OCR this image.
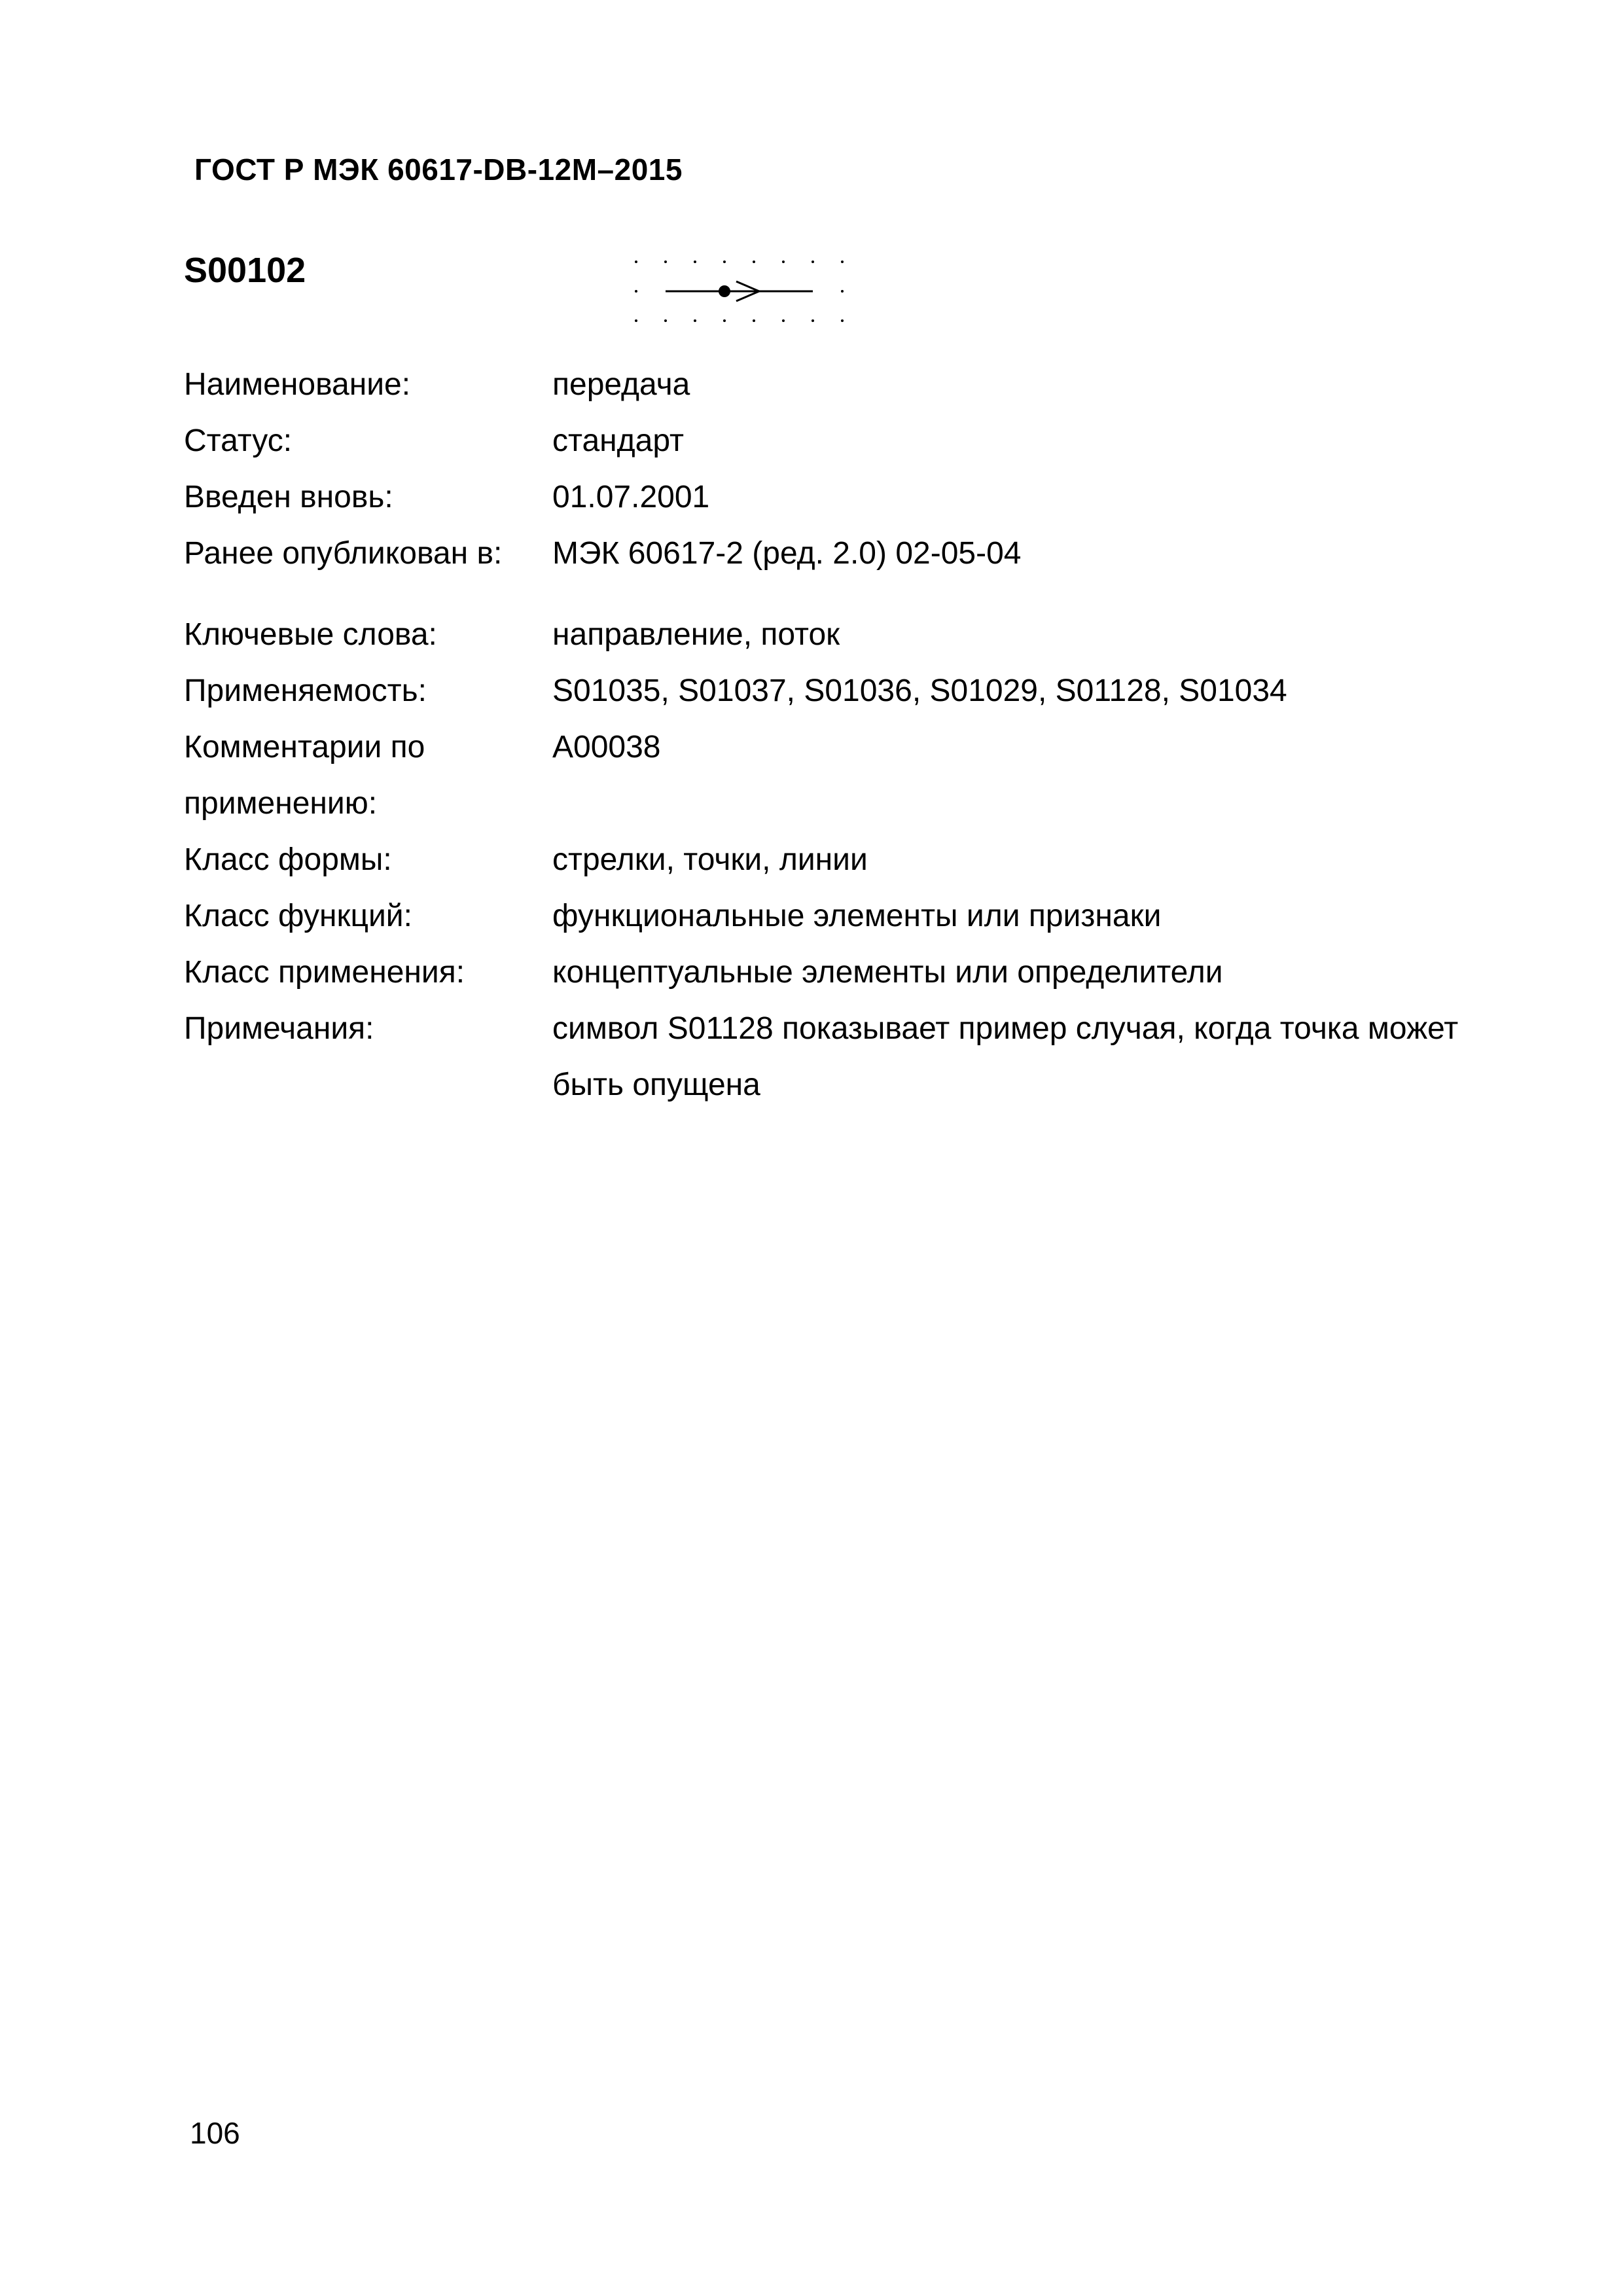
ГОСТ Р МЭК 60617-DB-12M–2015
S00102
Наименование:	передача
Статус:	стандарт
Введен вновь:	01.07.2001
Ранее опубликован в: МЭК 60617-2 (ред. 2.0) 02-05-04
Ключевые слова:	направление, поток
Применяемость:	S01035, S01037, S01036, S01029, S01128, S01034
Комментарии по применению:
A00038
Класс формы:	стрелки, точки, линии
Класс функций:	функциональные элементы или признаки
Класс применения:	концептуальные элементы или определители
Примечания:	символ S01128 показывает пример случая, когда точка может быть опущена
106
